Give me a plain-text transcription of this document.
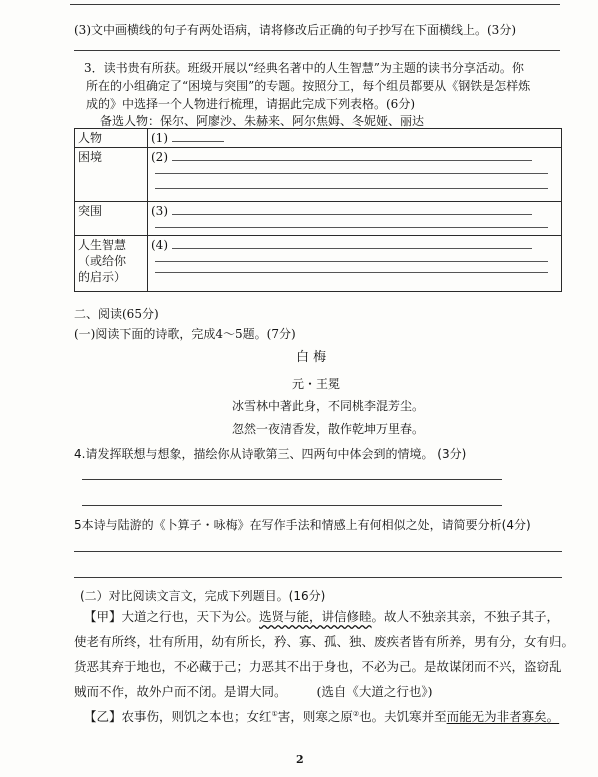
(3)文中画横线的句子有两处语病，请将修改后正确的句子抄写在下面横线上。(3分)
3．读书贵有所获。班级开展以“经典名著中的人生智慧”为主题的读书分享活动。你
所在的小组确定了“困境与突围”的专题。按照分工，每个组员都要从《钢铁是怎样炼
成的》中选择一个人物进行梳理，请据此完成下列表格。(6分)
备选人物：保尔、阿廖沙、朱赫来、阿尔焦姆、冬妮娅、丽达
人物	(1)
困境	(2)

突围	(3)

人生智慧
（或给你
的启示）	(4)
二、阅读(65分)
(一)阅读下面的诗歌，完成4～5题。(7分)
白 梅
元・王冕
冰雪林中著此身，不同桃李混芳尘。
忽然一夜清香发，散作乾坤万里春。
4.请发挥联想与想象，描绘你从诗歌第三、四两句中体会到的情境。 (3分)
5本诗与陆游的《卜算子・咏梅》在写作手法和情感上有何相似之处，请简要分析(4分)
(二）对比阅读文言文，完成下列题目。(16分)
【甲】大道之行也，天下为公。选贤与能，讲信修睦。故人不独亲其亲，不独子其子，
使老有所终，壮有所用，幼有所长，矜、寡、孤、独、废疾者皆有所养，男有分，女有归。
货恶其弃于地也，不必藏于己；力恶其不出于身也，不必为己。是故谋闭而不兴，盗窃乱
贼而不作，故外户而不闭。是谓大同。 (选自《大道之行也》)
【乙】农事伤，则饥之本也；女红①害，则寒之原②也。夫饥寒并至而能无为非者寡矣。
2
